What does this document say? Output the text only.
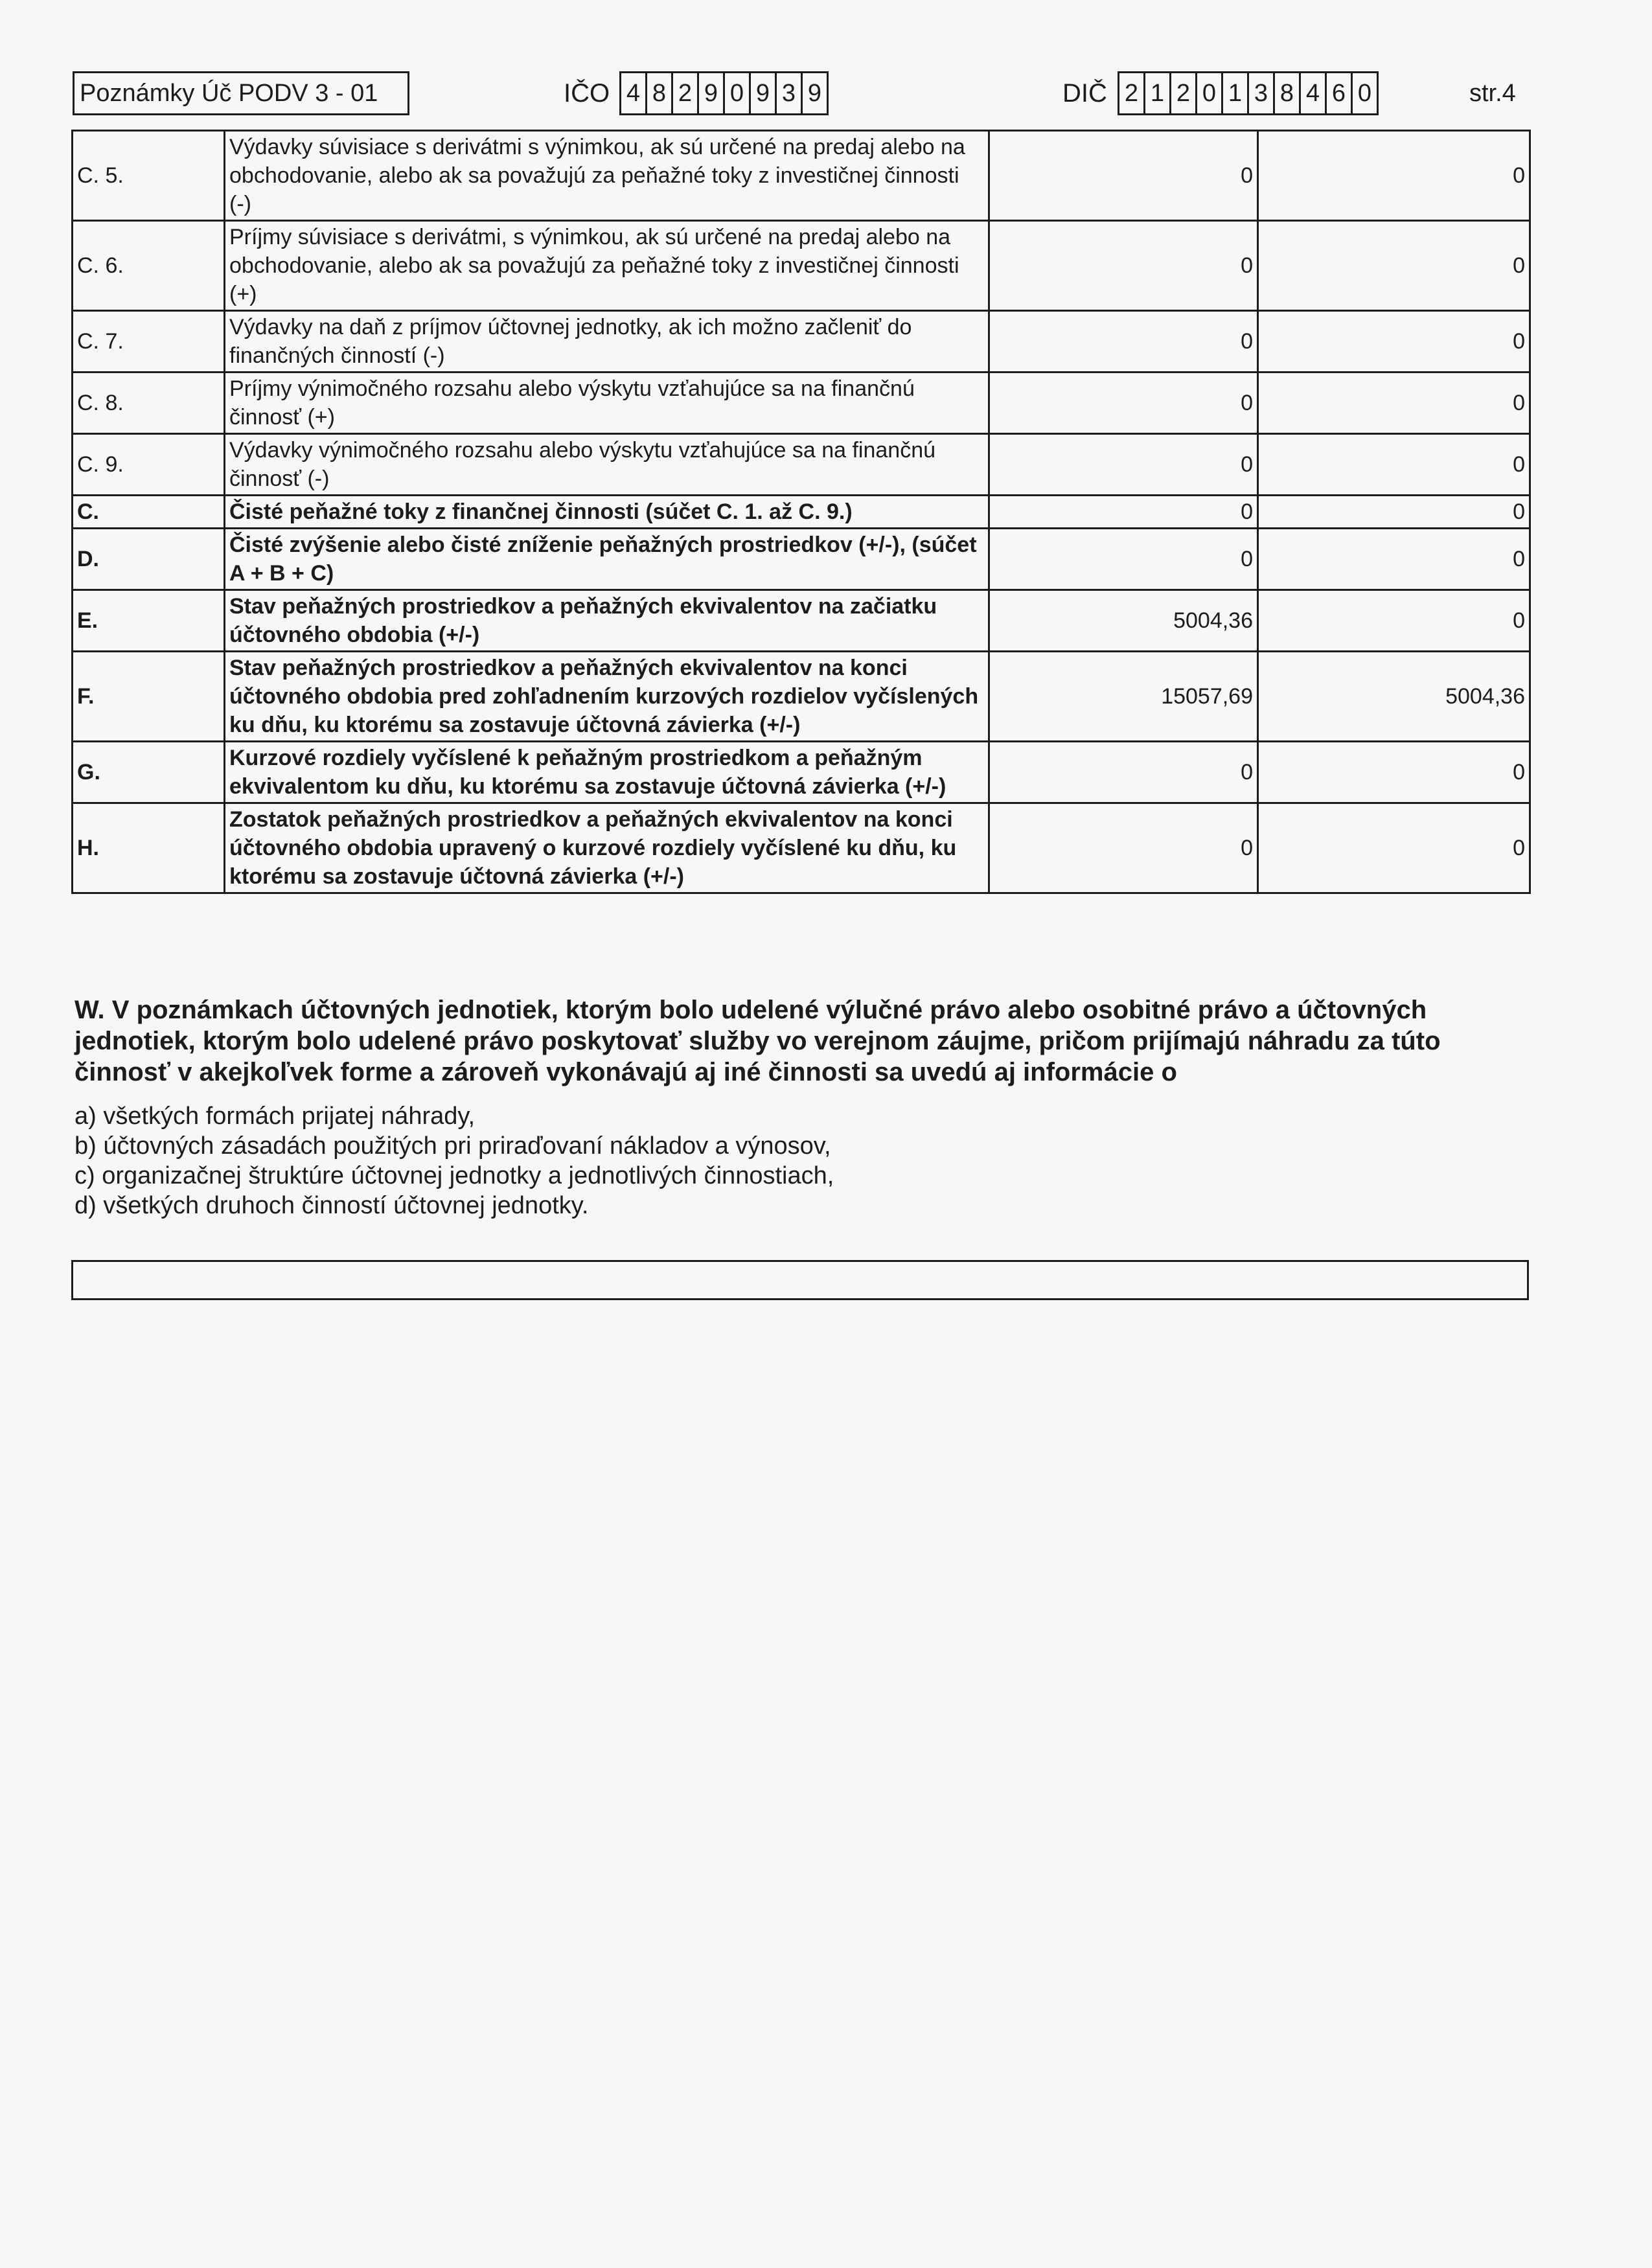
Poznámky Úč PODV 3 - 01	IČO 4 8 2 9 0 9 3 9	DIČ 2 1 2 0 1 3 8 4 6 0	str.4
C. 5.	Výdavky súvisiace s derivátmi s výnimkou, ak sú určené na predaj alebo na obchodovanie, alebo ak sa považujú za peňažné toky z investičnej činnosti (-)	0	0
C. 6.	Príjmy súvisiace s derivátmi, s výnimkou, ak sú určené na predaj alebo na obchodovanie, alebo ak sa považujú za peňažné toky z investičnej činnosti (+)	0	0
C. 7.	Výdavky na daň z príjmov účtovnej jednotky, ak ich možno začleniť do finančných činností (-)	0	0
C. 8.	Príjmy výnimočného rozsahu alebo výskytu vzťahujúce sa na finančnú činnosť (+)	0	0
C. 9.	Výdavky výnimočného rozsahu alebo výskytu vzťahujúce sa na finančnú činnosť (-)	0	0
C.	Čisté peňažné toky z finančnej činnosti (súčet C. 1. až C. 9.)	0	0
D.	Čisté zvýšenie alebo čisté zníženie peňažných prostriedkov (+/-), (súčet A + B + C)	0	0
E.	Stav peňažných prostriedkov a peňažných ekvivalentov na začiatku účtovného obdobia (+/-)	5004,36	0
F.	Stav peňažných prostriedkov a peňažných ekvivalentov na konci účtovného obdobia pred zohľadnením kurzových rozdielov vyčíslených ku dňu, ku ktorému sa zostavuje účtovná závierka (+/-)	15057,69	5004,36
G.	Kurzové rozdiely vyčíslené k peňažným prostriedkom a peňažným ekvivalentom ku dňu, ku ktorému sa zostavuje účtovná závierka (+/-)	0	0
H.	Zostatok peňažných prostriedkov a peňažných ekvivalentov na konci účtovného obdobia upravený o kurzové rozdiely vyčíslené ku dňu, ku ktorému sa zostavuje účtovná závierka (+/-)	0	0
W. V poznámkach účtovných jednotiek, ktorým bolo udelené výlučné právo alebo osobitné právo a účtovných jednotiek, ktorým bolo udelené právo poskytovať služby vo verejnom záujme, pričom prijímajú náhradu za túto činnosť v akejkoľvek forme a zároveň vykonávajú aj iné činnosti sa uvedú aj informácie o
a) všetkých formách prijatej náhrady,
b) účtovných zásadách použitých pri priraďovaní nákladov a výnosov,
c) organizačnej štruktúre účtovnej jednotky a jednotlivých činnostiach,
d) všetkých druhoch činností účtovnej jednotky.
